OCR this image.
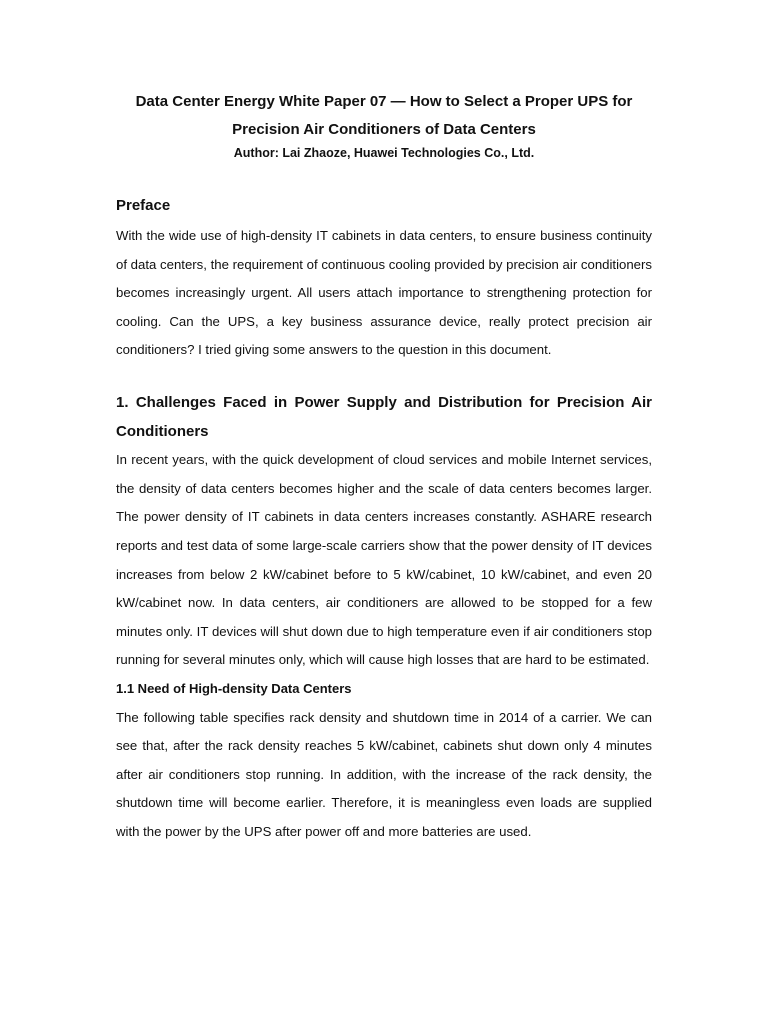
Data Center Energy White Paper 07 — How to Select a Proper UPS for Precision Air Conditioners of Data Centers

Author: Lai Zhaoze, Huawei Technologies Co., Ltd.

Preface

With the wide use of high-density IT cabinets in data centers, to ensure business continuity of data centers, the requirement of continuous cooling provided by precision air conditioners becomes increasingly urgent. All users attach importance to strengthening protection for cooling. Can the UPS, a key business assurance device, really protect precision air conditioners? I tried giving some answers to the question in this document.

1. Challenges Faced in Power Supply and Distribution for Precision Air Conditioners

In recent years, with the quick development of cloud services and mobile Internet services, the density of data centers becomes higher and the scale of data centers becomes larger. The power density of IT cabinets in data centers increases constantly. ASHARE research reports and test data of some large-scale carriers show that the power density of IT devices increases from below 2 kW/cabinet before to 5 kW/cabinet, 10 kW/cabinet, and even 20 kW/cabinet now. In data centers, air conditioners are allowed to be stopped for a few minutes only. IT devices will shut down due to high temperature even if air conditioners stop running for several minutes only, which will cause high losses that are hard to be estimated.

1.1 Need of High-density Data Centers

The following table specifies rack density and shutdown time in 2014 of a carrier. We can see that, after the rack density reaches 5 kW/cabinet, cabinets shut down only 4 minutes after air conditioners stop running. In addition, with the increase of the rack density, the shutdown time will become earlier. Therefore, it is meaningless even loads are supplied with the power by the UPS after power off and more batteries are used.
